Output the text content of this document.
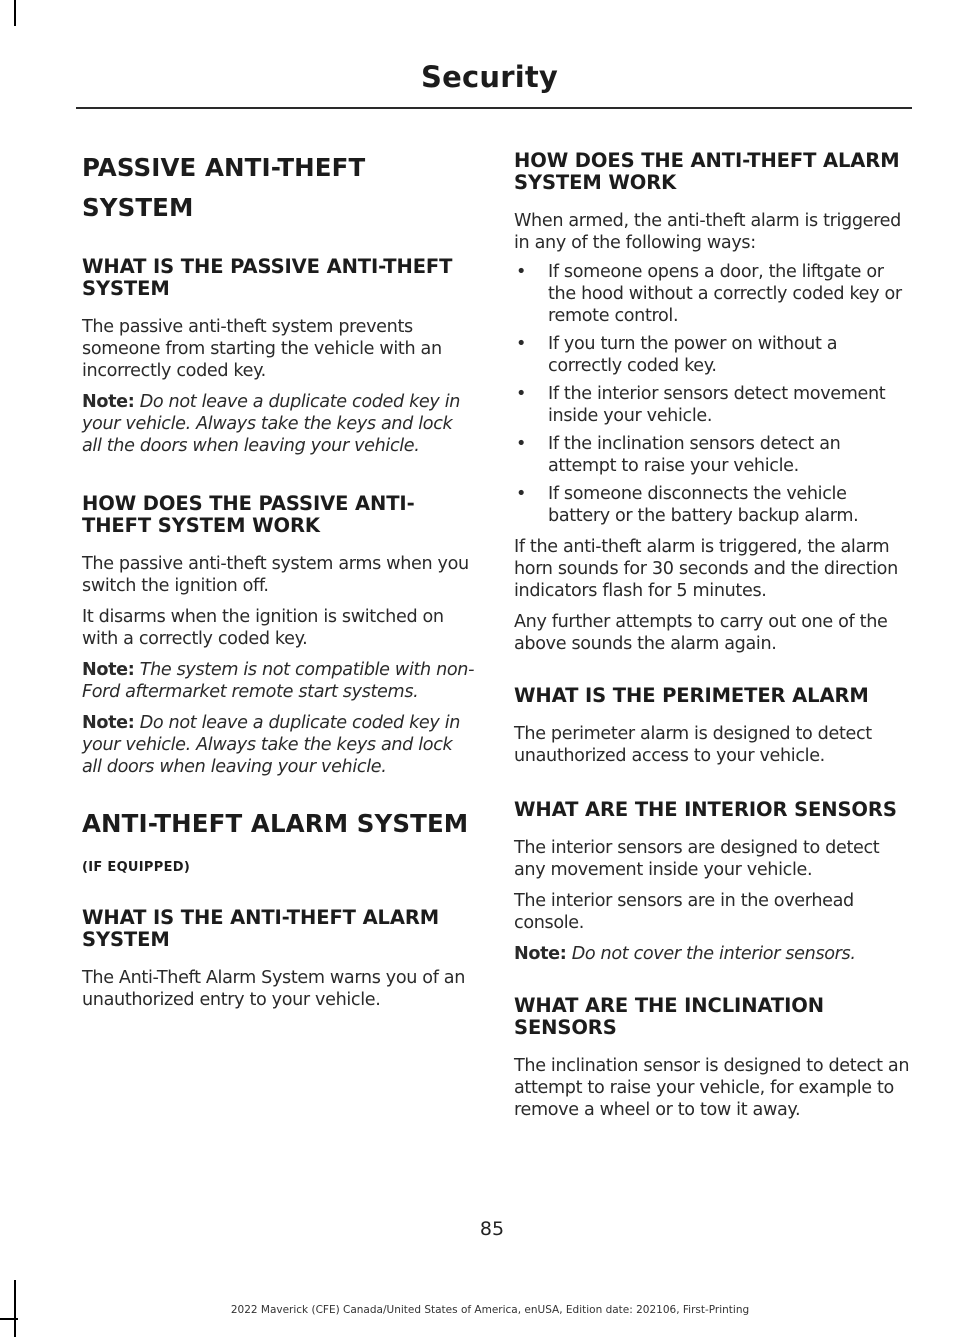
Security
PASSIVE ANTI-THEFT
SYSTEM
WHAT IS THE PASSIVE ANTI-THEFT SYSTEM

The passive anti-theft system prevents someone from starting the vehicle with an incorrectly coded key.

Note: Do not leave a duplicate coded key in your vehicle. Always take the keys and lock all the doors when leaving your vehicle.

HOW DOES THE PASSIVE ANTI-THEFT SYSTEM WORK

The passive anti-theft system arms when you switch the ignition off.

It disarms when the ignition is switched on with a correctly coded key.

Note: The system is not compatible with non-Ford aftermarket remote start systems.

Note: Do not leave a duplicate coded key in your vehicle. Always take the keys and lock all doors when leaving your vehicle.

ANTI-THEFT ALARM SYSTEM
(IF EQUIPPED)
WHAT IS THE ANTI-THEFT ALARM SYSTEM

The Anti-Theft Alarm System warns you of an unauthorized entry to your vehicle.

HOW DOES THE ANTI-THEFT ALARM SYSTEM WORK

When armed, the anti-theft alarm is triggered in any of the following ways:

• If someone opens a door, the liftgate or the hood without a correctly coded key or remote control.
• If you turn the power on without a correctly coded key.
• If the interior sensors detect movement inside your vehicle.
• If the inclination sensors detect an attempt to raise your vehicle.
• If someone disconnects the vehicle battery or the battery backup alarm.

If the anti-theft alarm is triggered, the alarm horn sounds for 30 seconds and the direction indicators flash for 5 minutes.

Any further attempts to carry out one of the above sounds the alarm again.

WHAT IS THE PERIMETER ALARM

The perimeter alarm is designed to detect unauthorized access to your vehicle.

WHAT ARE THE INTERIOR SENSORS

The interior sensors are designed to detect any movement inside your vehicle.

The interior sensors are in the overhead console.

Note: Do not cover the interior sensors.

WHAT ARE THE INCLINATION SENSORS

The inclination sensor is designed to detect an attempt to raise your vehicle, for example to remove a wheel or to tow it away.

85
2022 Maverick (CFE) Canada/United States of America, enUSA, Edition date: 202106, First-Printing
